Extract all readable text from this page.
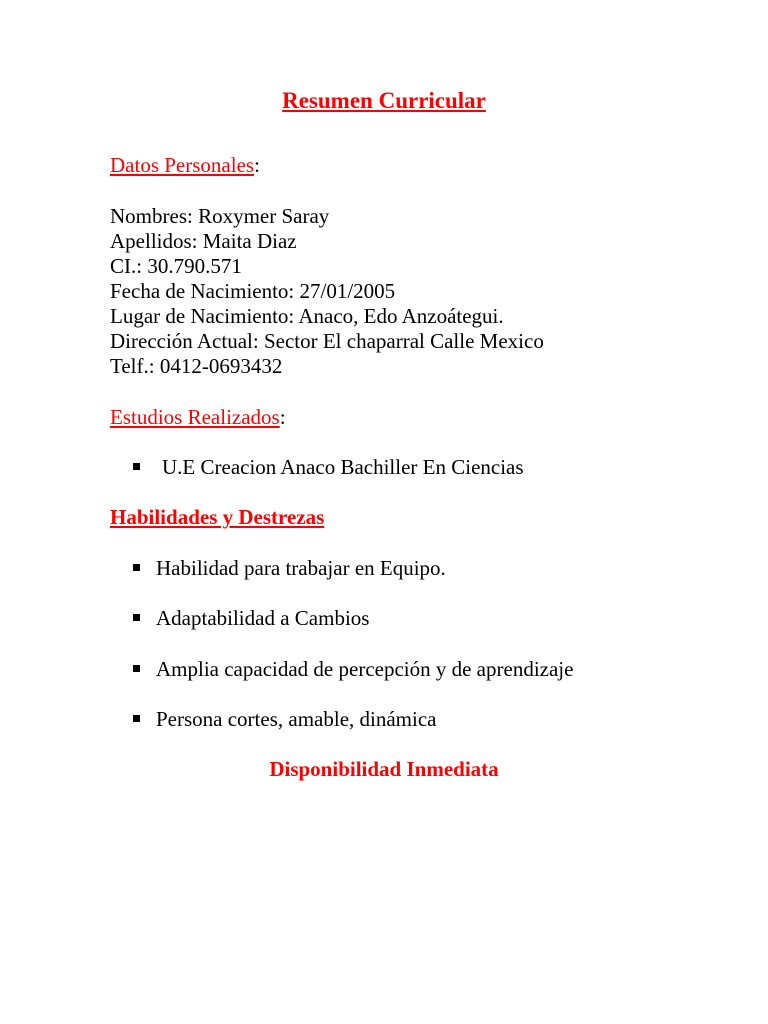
Resumen Curricular
Datos Personales:
Nombres: Roxymer Saray
Apellidos: Maita Diaz
CI.: 30.790.571
Fecha de Nacimiento: 27/01/2005
Lugar de Nacimiento: Anaco, Edo Anzoátegui.
Dirección Actual: Sector El chaparral Calle Mexico
Telf.: 0412-0693432
Estudios Realizados:
U.E Creacion Anaco Bachiller En Ciencias
Habilidades y Destrezas
Habilidad para trabajar en Equipo.
Adaptabilidad a Cambios
Amplia capacidad de percepción y de aprendizaje
Persona cortes, amable, dinámica
Disponibilidad Inmediata
